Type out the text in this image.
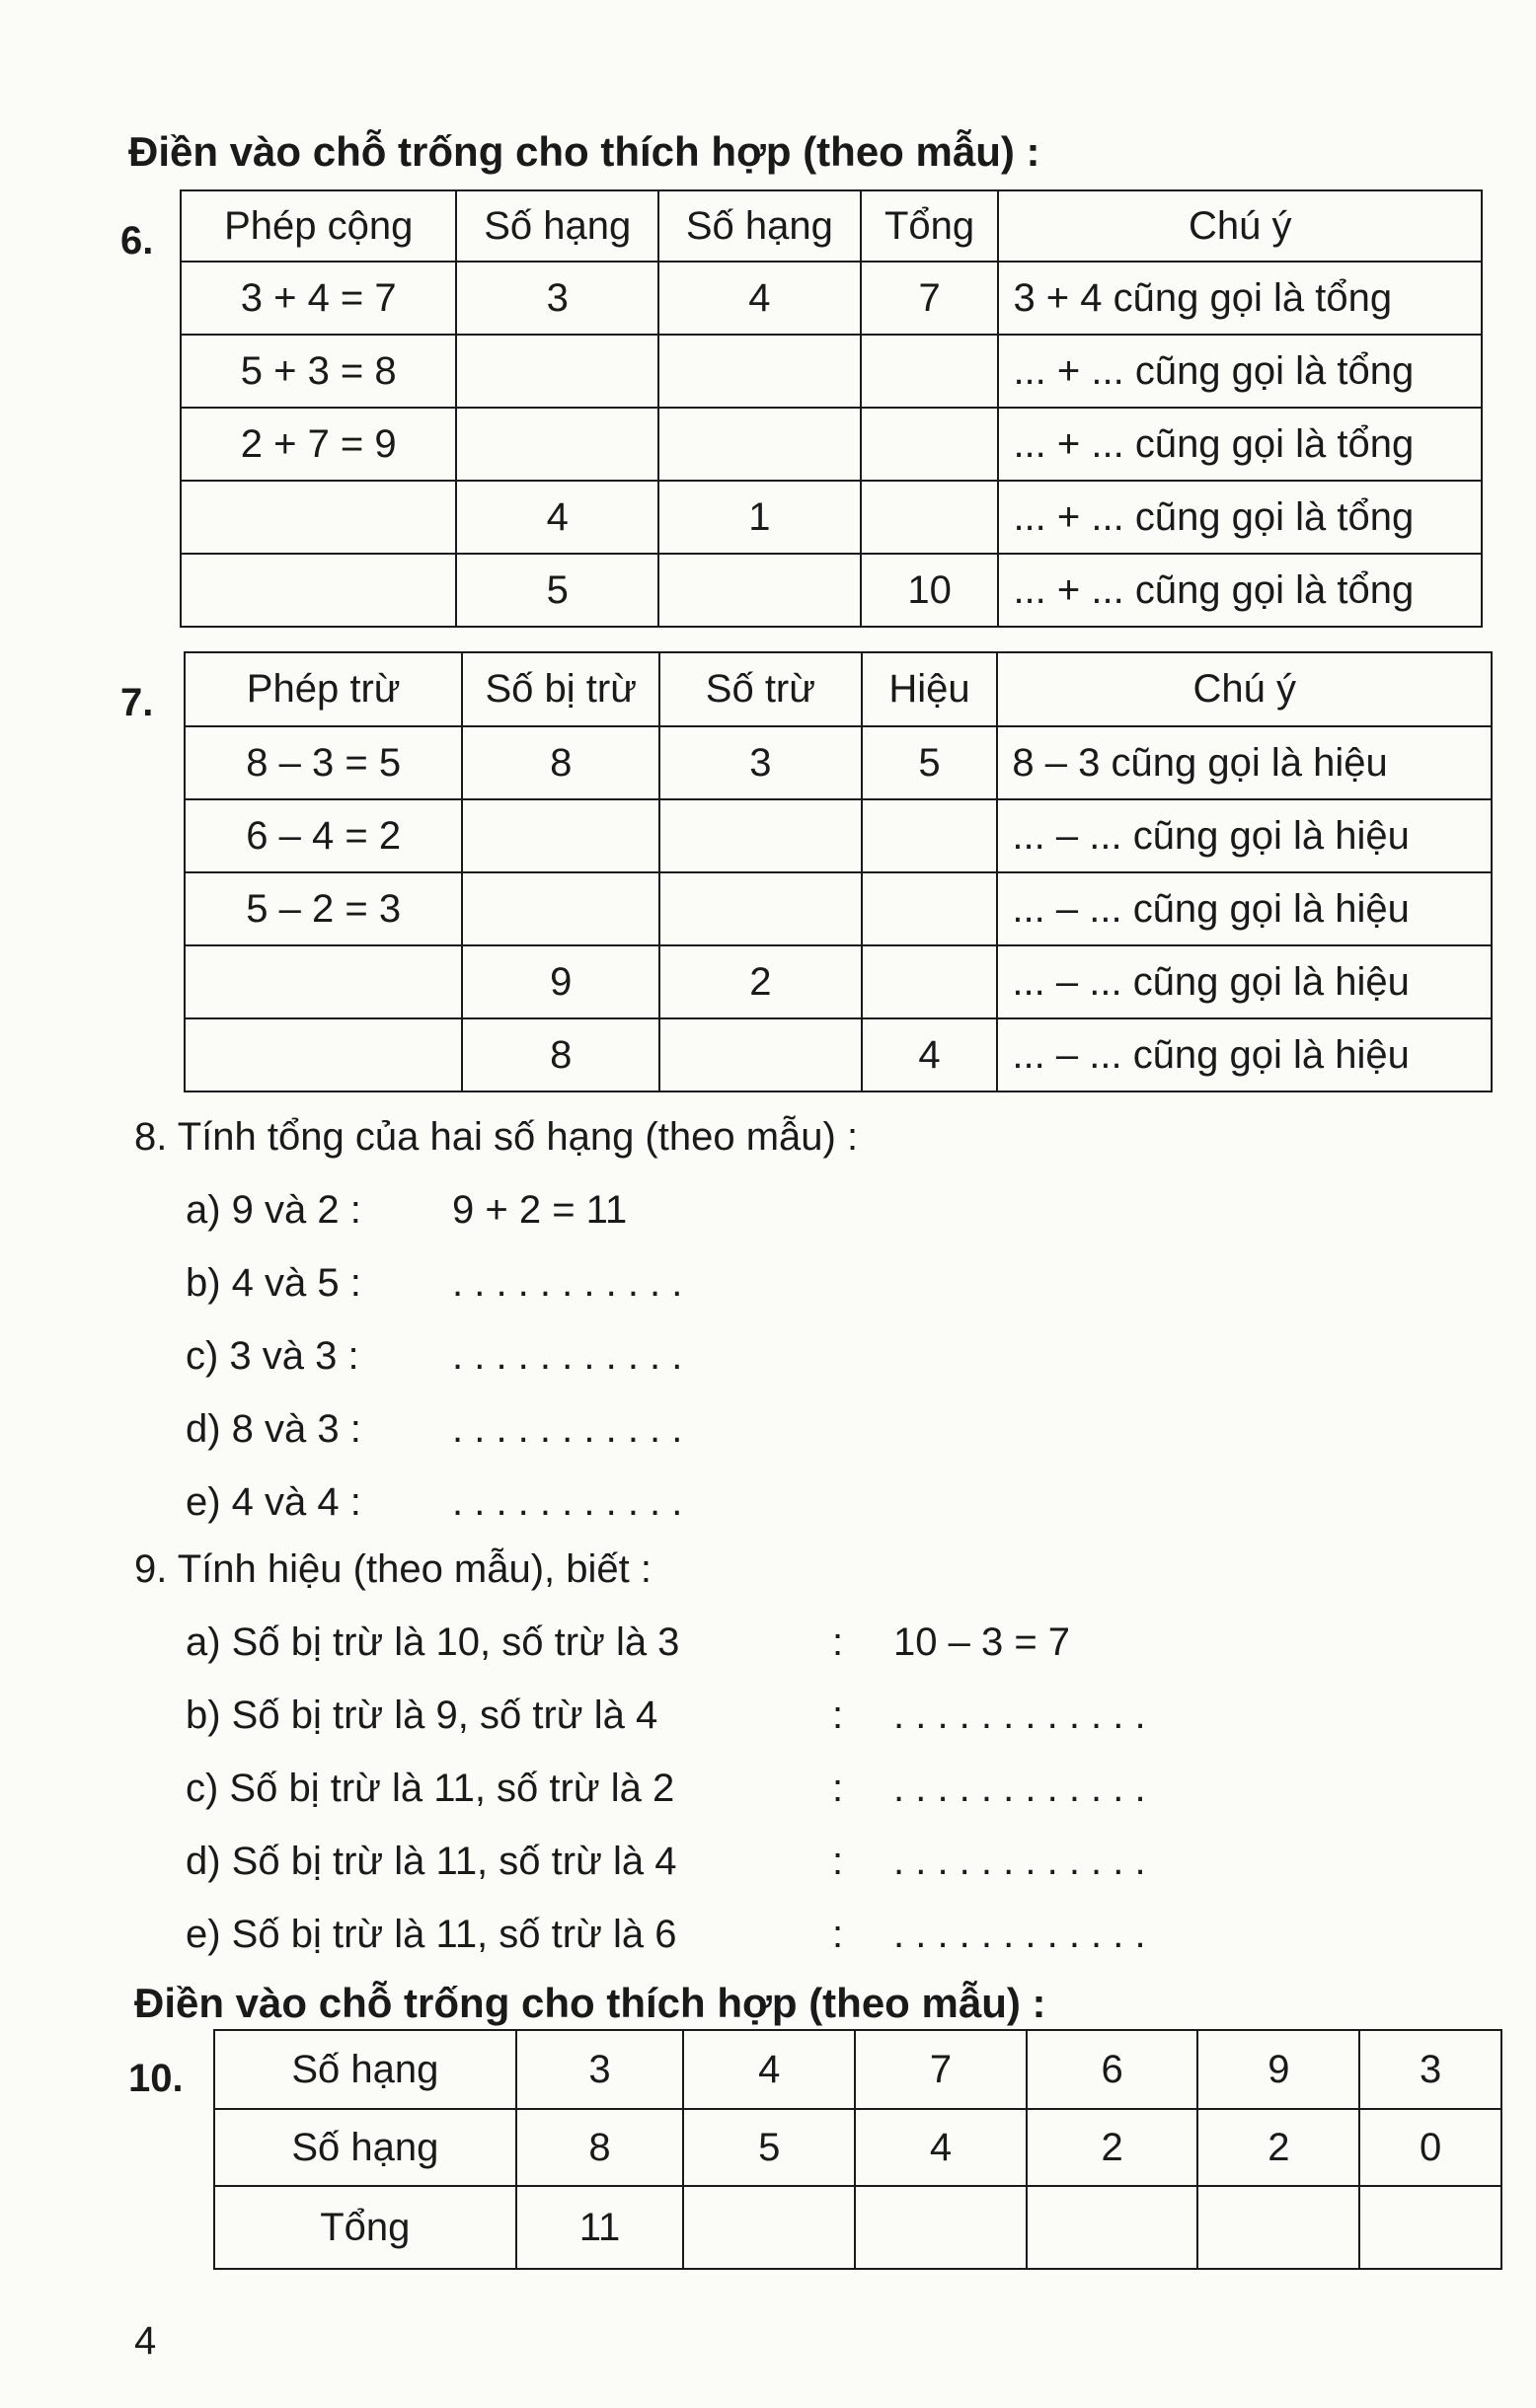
Điền vào chỗ trống cho thích hợp (theo mẫu) :
6. Phép cộng	Số hạng	Số hạng	Tổng	Chú ý
3 + 4 = 7	3	4	7	3 + 4 cũng gọi là tổng
5 + 3 = 8				... + ... cũng gọi là tổng
2 + 7 = 9				... + ... cũng gọi là tổng
	4	1		... + ... cũng gọi là tổng
	5		10	... + ... cũng gọi là tổng
7. Phép trừ	Số bị trừ	Số trừ	Hiệu	Chú ý
8 – 3 = 5	8	3	5	8 – 3 cũng gọi là hiệu
6 – 4 = 2				... – ... cũng gọi là hiệu
5 – 2 = 3				... – ... cũng gọi là hiệu
	9	2		... – ... cũng gọi là hiệu
	8		4	... – ... cũng gọi là hiệu
8. Tính tổng của hai số hạng (theo mẫu) :
a) 9 và 2 : 9 + 2 = 11
b) 4 và 5 : . . . . . . . . . . .
c) 3 và 3 : . . . . . . . . . . .
d) 8 và 3 : . . . . . . . . . . .
e) 4 và 4 : . . . . . . . . . . .
9. Tính hiệu (theo mẫu), biết :
a) Số bị trừ là 10, số trừ là 3	: 10 – 3 = 7
b) Số bị trừ là 9, số trừ là 4	: . . . . . . . . . . . .
c) Số bị trừ là 11, số trừ là 2	: . . . . . . . . . . . .
d) Số bị trừ là 11, số trừ là 4	: . . . . . . . . . . . .
e) Số bị trừ là 11, số trừ là 6	: . . . . . . . . . . . .
Điền vào chỗ trống cho thích hợp (theo mẫu) :
10.	Số hạng	3	4	7	6	9	3
Số hạng	8	5	4	2	2	0
Tổng	11					
4
